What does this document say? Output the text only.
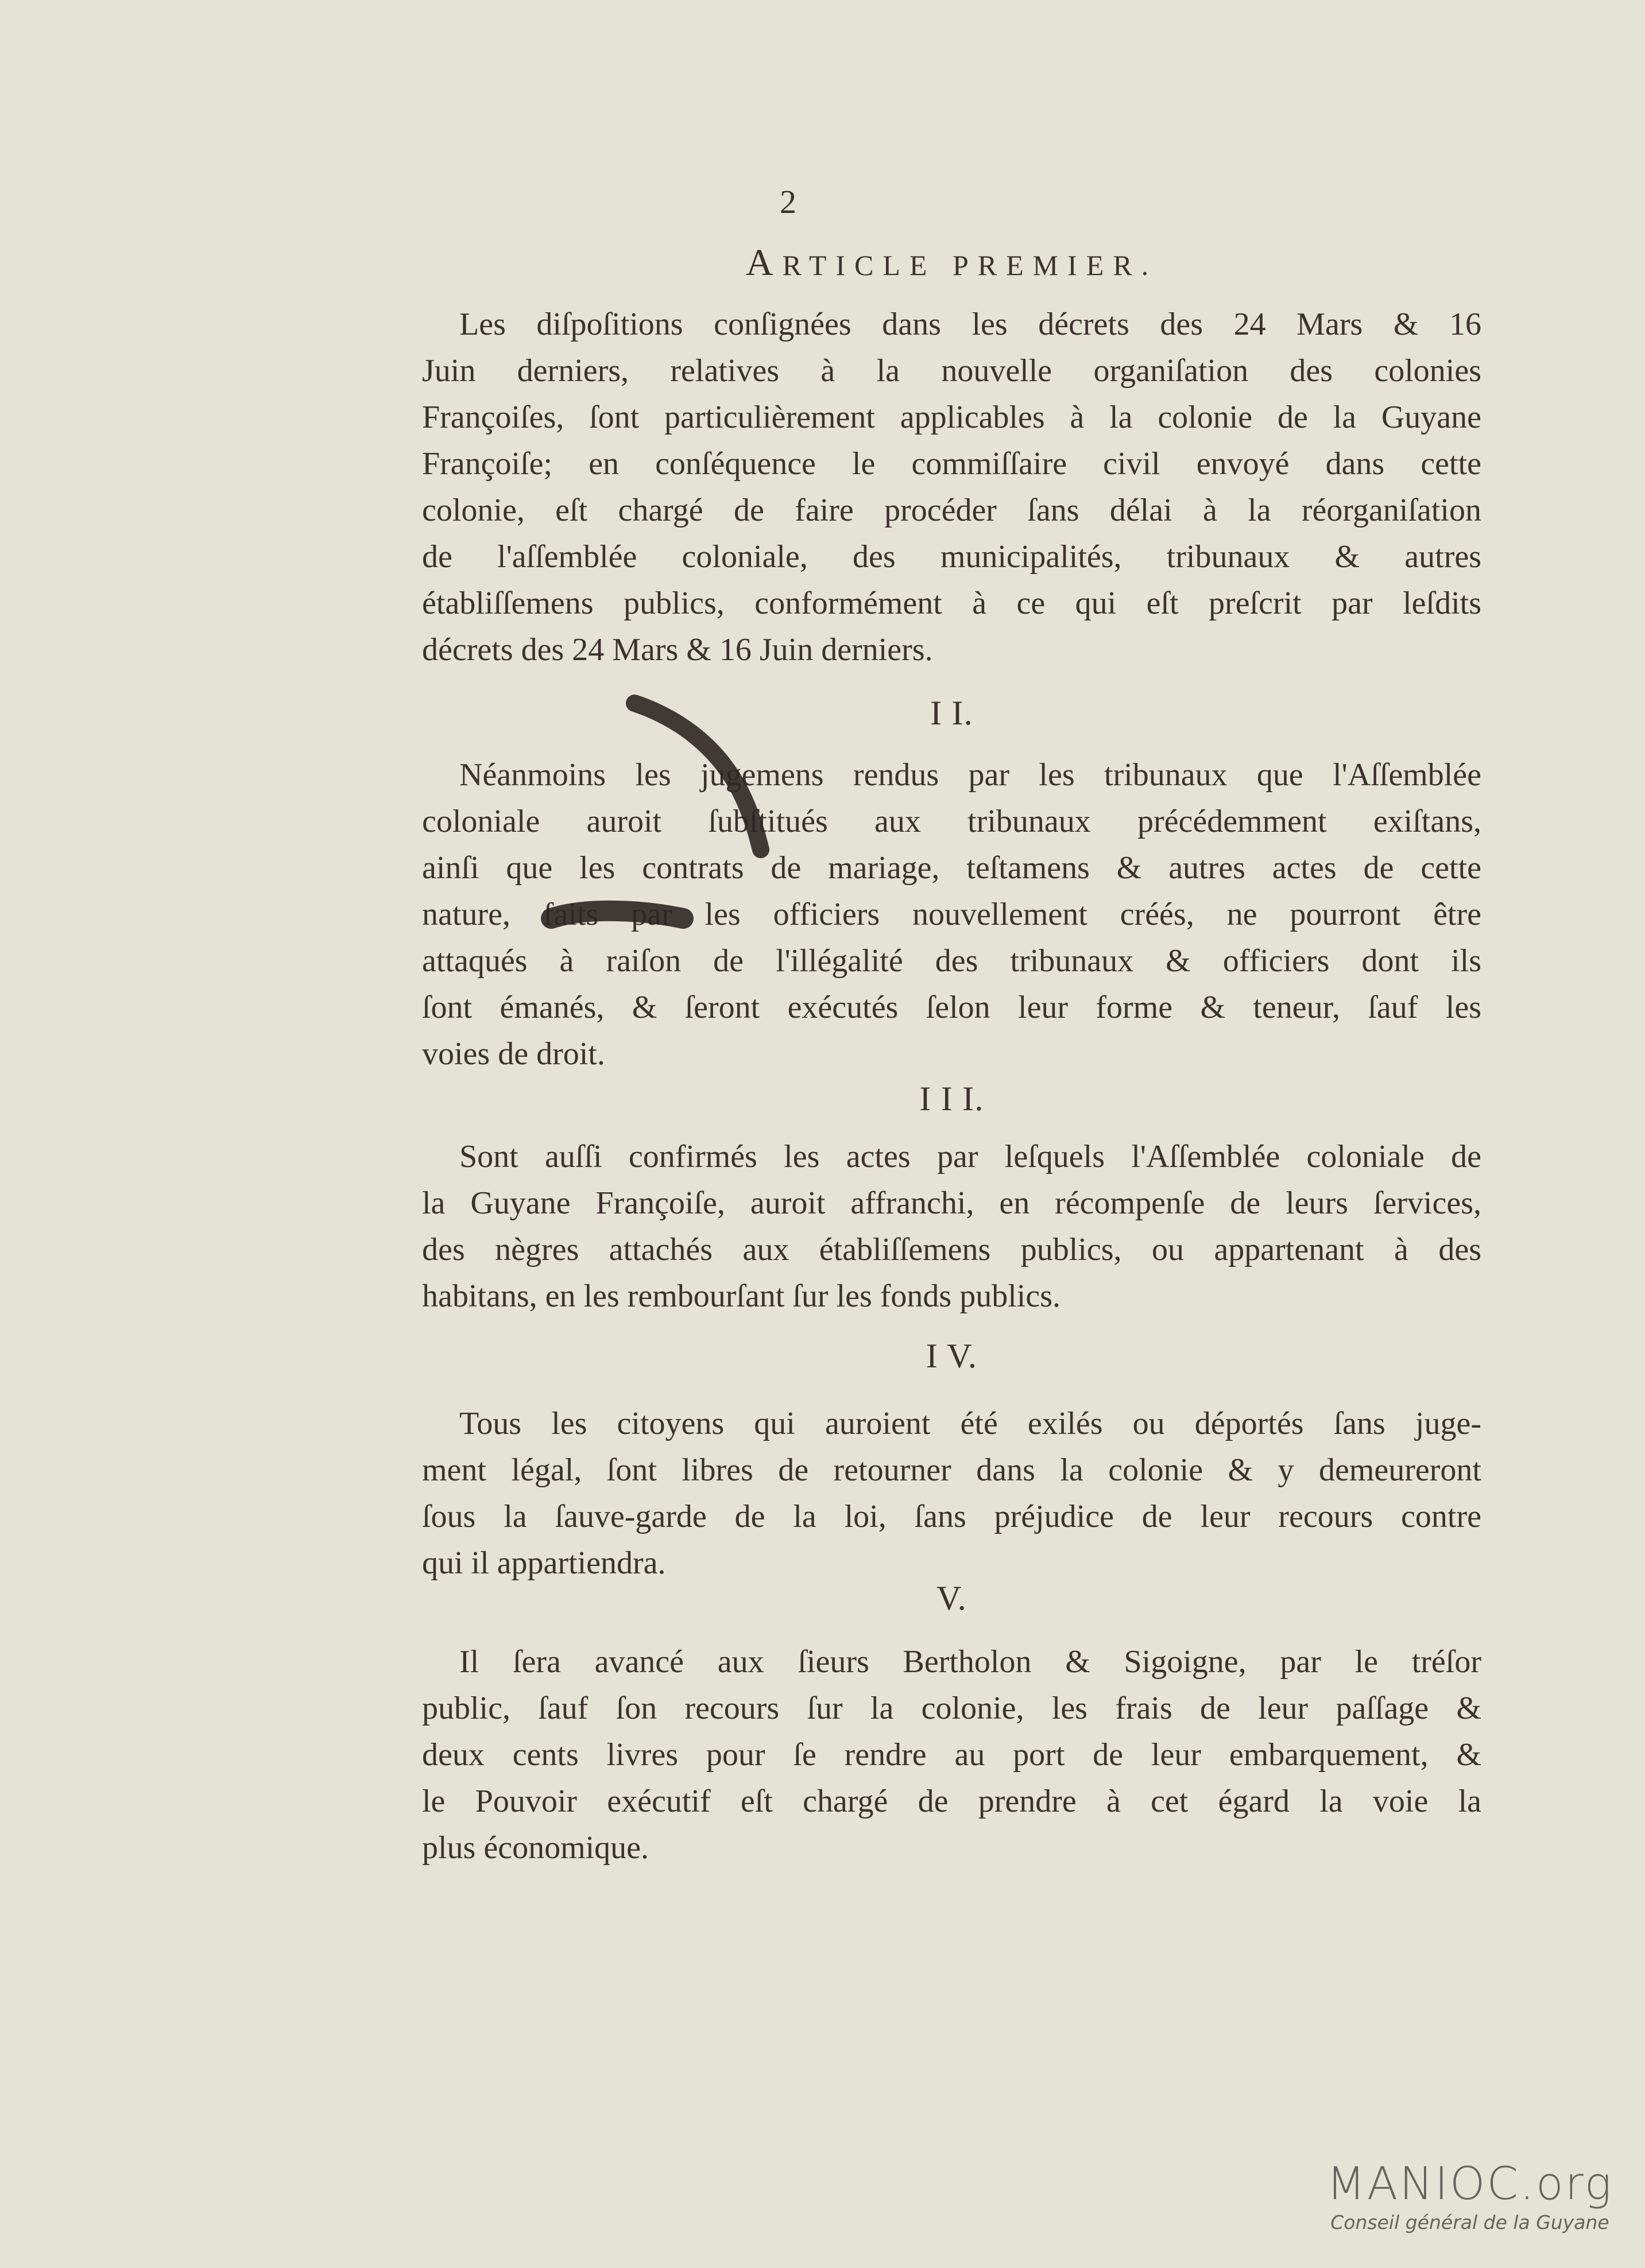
2
ARTICLE PREMIER.
Les diſpoſitions conſignées dans les décrets des 24 Mars & 16
Juin derniers, relatives à la nouvelle organiſation des colonies
Françoiſes, ſont particulièrement applicables à la colonie de la Guyane
Françoiſe; en conſéquence le commiſſaire civil envoyé dans cette
colonie, eſt chargé de faire procéder ſans délai à la réorganiſation
de l'aſſemblée coloniale, des municipalités, tribunaux & autres
établiſſemens publics, conformément à ce qui eſt preſcrit par leſdits
décrets des 24 Mars & 16 Juin derniers.
I I.
Néanmoins les jugemens rendus par les tribunaux que l'Aſſemblée
coloniale auroit ſubſtitués aux tribunaux précédemment exiſtans,
ainſi que les contrats de mariage, teſtamens & autres actes de cette
nature, faits par les officiers nouvellement créés, ne pourront être
attaqués à raiſon de l'illégalité des tribunaux & officiers dont ils
ſont émanés, & ſeront exécutés ſelon leur forme & teneur, ſauf les
voies de droit.
I I I.
Sont auſſi confirmés les actes par leſquels l'Aſſemblée coloniale de
la Guyane Françoiſe, auroit affranchi, en récompenſe de leurs ſervices,
des nègres attachés aux établiſſemens publics, ou appartenant à des
habitans, en les rembourſant ſur les fonds publics.
I V.
Tous les citoyens qui auroient été exilés ou déportés ſans juge-
ment légal, ſont libres de retourner dans la colonie & y demeureront
ſous la ſauve-garde de la loi, ſans préjudice de leur recours contre
qui il appartiendra.
V.
Il ſera avancé aux ſieurs Bertholon & Sigoigne, par le tréſor
public, ſauf ſon recours ſur la colonie, les frais de leur paſſage &
deux cents livres pour ſe rendre au port de leur embarquement, &
le Pouvoir exécutif eſt chargé de prendre à cet égard la voie la
plus économique.
MANIOC.org
Conseil général de la Guyane
